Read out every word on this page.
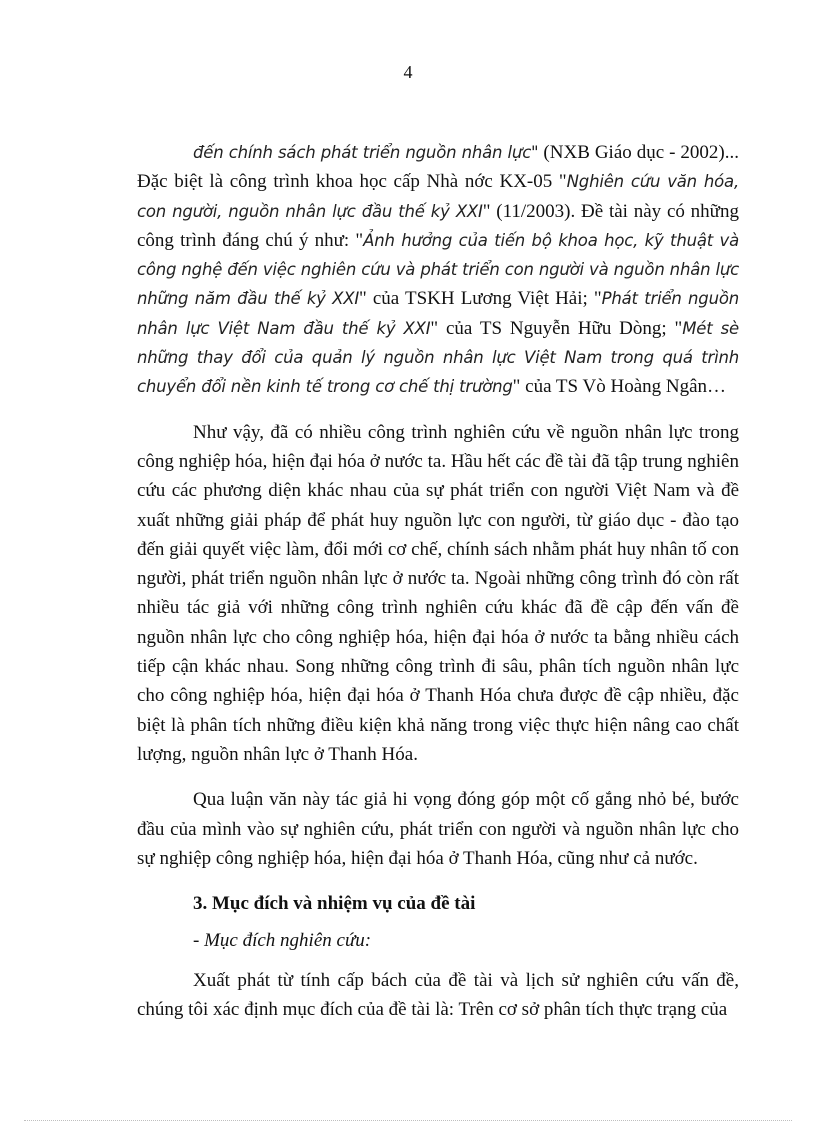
4

đến chính sách phát triển nguồn nhân lực" (NXB Giáo dục - 2002)... Đặc biệt là công trình khoa học cấp Nhà nớc KX-05 "Nghiên cứu văn hóa, con người, nguồn nhân lực đầu thế kỷ XXI" (11/2003). Đề tài này có những công trình đáng chú ý như: "Ảnh hưởng của tiến bộ khoa học, kỹ thuật và công nghệ đến việc nghiên cứu và phát triển con người và nguồn nhân lực những năm đầu thế kỷ XXI" của TSKH Lương Việt Hải; "Phát triển nguồn nhân lực Việt Nam đầu thế kỷ XXI" của TS Nguyễn Hữu Dòng; "Mét sè những thay đổi của quản lý nguồn nhân lực Việt Nam trong quá trình chuyển đổi nền kinh tế trong cơ chế thị trường" của TS Vò Hoàng Ngân…

Như vậy, đã có nhiều công trình nghiên cứu về nguồn nhân lực trong công nghiệp hóa, hiện đại hóa ở nước ta. Hầu hết các đề tài đã tập trung nghiên cứu các phương diện khác nhau của sự phát triển con người Việt Nam và đề xuất những giải pháp để phát huy nguồn lực con người, từ giáo dục - đào tạo đến giải quyết việc làm, đổi mới cơ chế, chính sách nhằm phát huy nhân tố con người, phát triển nguồn nhân lực ở nước ta. Ngoài những công trình đó còn rất nhiều tác giả với những công trình nghiên cứu khác đã đề cập đến vấn đề nguồn nhân lực cho công nghiệp hóa, hiện đại hóa ở nước ta bằng nhiều cách tiếp cận khác nhau. Song những công trình đi sâu, phân tích nguồn nhân lực cho công nghiệp hóa, hiện đại hóa ở Thanh Hóa chưa được đề cập nhiều, đặc biệt là phân tích những điều kiện khả năng trong việc thực hiện nâng cao chất lượng, nguồn nhân lực ở Thanh Hóa.

Qua luận văn này tác giả hi vọng đóng góp một cố gắng nhỏ bé, bước đầu của mình vào sự nghiên cứu, phát triển con người và nguồn nhân lực cho sự nghiệp công nghiệp hóa, hiện đại hóa ở Thanh Hóa, cũng như cả nước.

3. Mục đích và nhiệm vụ của đề tài

- Mục đích nghiên cứu:

Xuất phát từ tính cấp bách của đề tài và lịch sử nghiên cứu vấn đề, chúng tôi xác định mục đích của đề tài là: Trên cơ sở phân tích thực trạng của
